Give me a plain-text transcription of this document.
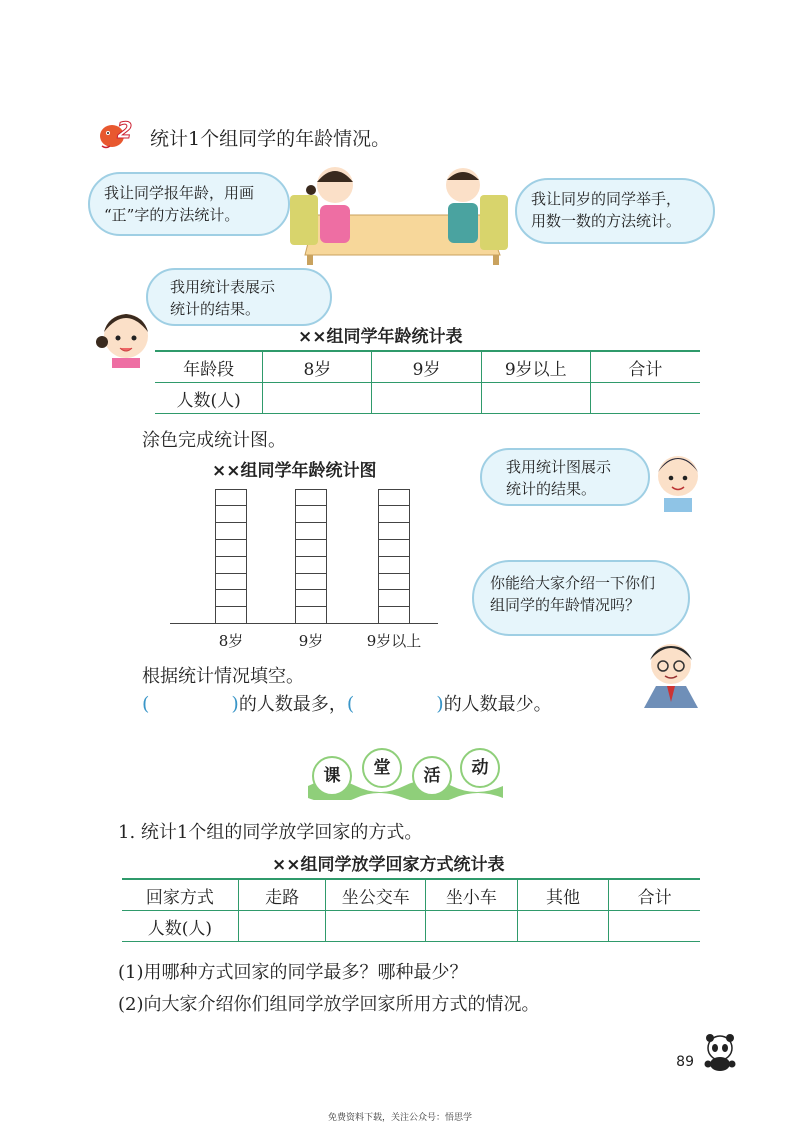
2 统计1个组同学的年龄情况。
我让同学报年龄，用画
“正”字的方法统计。
我让同岁的同学举手，
用数一数的方法统计。
我用统计表展示
统计的结果。
××组同学年龄统计表
年龄段	8岁	9岁	9岁以上	合计
人数(人)				
涂色完成统计图。
××组同学年龄统计图
8岁	9岁	9岁以上
我用统计图展示
统计的结果。
你能给大家介绍一下你们
组同学的年龄情况吗？
根据统计情况填空。
(	)的人数最多，(	)的人数最少。
课	堂	活	动
1. 统计1个组的同学放学回家的方式。
××组同学放学回家方式统计表
回家方式	走路	坐公交车	坐小车	其他	合计
人数(人)					
(1)用哪种方式回家的同学最多？哪种最少？
(2)向大家介绍你们组同学放学回家所用方式的情况。
89
免费资料下载，关注公众号：悟思学
